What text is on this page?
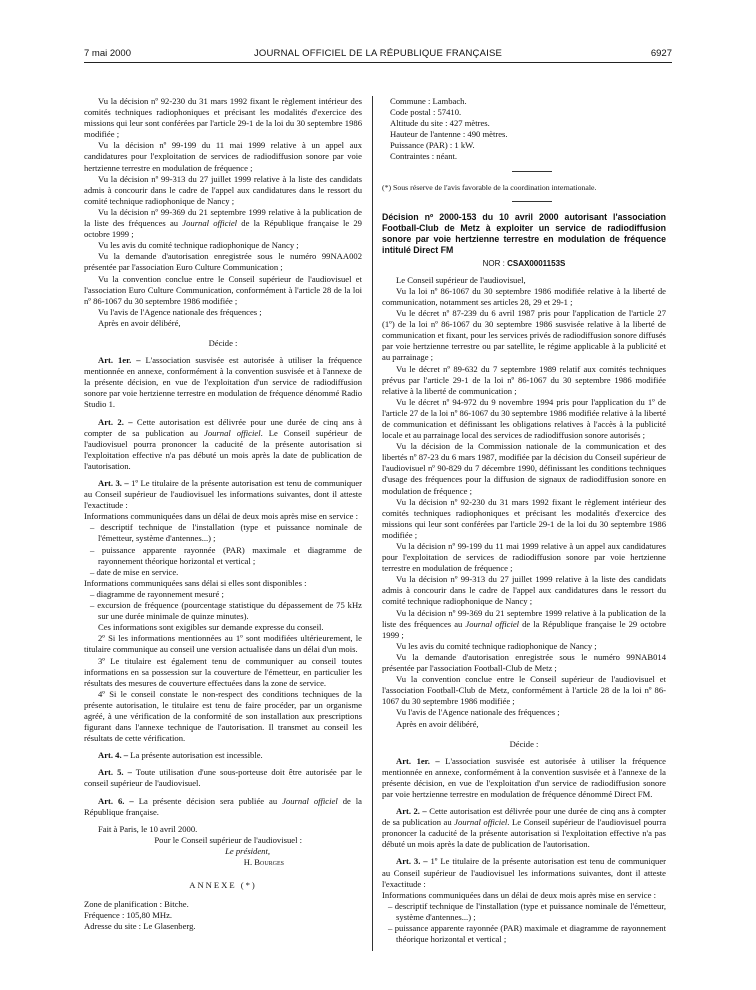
7 mai 2000	JOURNAL OFFICIEL DE LA RÉPUBLIQUE FRANÇAISE	6927

Vu la décision nº 92-230 du 31 mars 1992 fixant le règlement intérieur des comités techniques radiophoniques et précisant les modalités d'exercice des missions qui leur sont conférées par l'article 29-1 de la loi du 30 septembre 1986 modifiée ;

Vu la décision nº 99-199 du 11 mai 1999 relative à un appel aux candidatures pour l'exploitation de services de radiodiffusion sonore par voie hertzienne terrestre en modulation de fréquence ;

Vu la décision nº 99-313 du 27 juillet 1999 relative à la liste des candidats admis à concourir dans le cadre de l'appel aux candidatures dans le ressort du comité technique radiophonique de Nancy ;

Vu la décision nº 99-369 du 21 septembre 1999 relative à la publication de la liste des fréquences au Journal officiel de la République française le 29 octobre 1999 ;

Vu les avis du comité technique radiophonique de Nancy ;

Vu la demande d'autorisation enregistrée sous le numéro 99NAA002 présentée par l'association Euro Culture Communication ;

Vu la convention conclue entre le Conseil supérieur de l'audiovisuel et l'association Euro Culture Communication, conformément à l'article 28 de la loi nº 86-1067 du 30 septembre 1986 modifiée ;

Vu l'avis de l'Agence nationale des fréquences ;

Après en avoir délibéré,

Décide :

Art. 1er. – L'association susvisée est autorisée à utiliser la fréquence mentionnée en annexe, conformément à la convention susvisée et à l'annexe de la présente décision, en vue de l'exploitation d'un service de radiodiffusion sonore par voie hertzienne terrestre en modulation de fréquence dénommé Radio Studio 1.

Art. 2. – Cette autorisation est délivrée pour une durée de cinq ans à compter de sa publication au Journal officiel. Le Conseil supérieur de l'audiovisuel pourra prononcer la caducité de la présente autorisation si l'exploitation effective n'a pas débuté un mois après la date de publication de l'autorisation.

Art. 3. – 1º Le titulaire de la présente autorisation est tenu de communiquer au Conseil supérieur de l'audiovisuel les informations suivantes, dont il atteste l'exactitude :

Informations communiquées dans un délai de deux mois après mise en service :

– descriptif technique de l'installation (type et puissance nominale de l'émetteur, système d'antennes...) ;

– puissance apparente rayonnée (PAR) maximale et diagramme de rayonnement théorique horizontal et vertical ;

– date de mise en service.

Informations communiquées sans délai si elles sont disponibles :

– diagramme de rayonnement mesuré ;

– excursion de fréquence (pourcentage statistique du dépassement de 75 kHz sur une durée minimale de quinze minutes).

Ces informations sont exigibles sur demande expresse du conseil.

2º Si les informations mentionnées au 1º sont modifiées ultérieurement, le titulaire communique au conseil une version actualisée dans un délai d'un mois.

3º Le titulaire est également tenu de communiquer au conseil toutes informations en sa possession sur la couverture de l'émetteur, en particulier les résultats des mesures de couverture effectuées dans la zone de service.

4º Si le conseil constate le non-respect des conditions techniques de la présente autorisation, le titulaire est tenu de faire procéder, par un organisme agréé, à une vérification de la conformité de son installation aux prescriptions figurant dans l'annexe technique de l'autorisation. Il transmet au conseil les résultats de cette vérification.

Art. 4. – La présente autorisation est incessible.

Art. 5. – Toute utilisation d'une sous-porteuse doit être autorisée par le conseil supérieur de l'audiovisuel.

Art. 6. – La présente décision sera publiée au Journal officiel de la République française.

Fait à Paris, le 10 avril 2000.

Pour le Conseil supérieur de l'audiovisuel :

Le président,

H. Bourges

ANNEXE (*)

Zone de planification : Bitche.

Fréquence : 105,80 MHz.

Adresse du site : Le Glasenberg.

Commune : Lambach.

Code postal : 57410.

Altitude du site : 427 mètres.

Hauteur de l'antenne : 490 mètres.

Puissance (PAR) : 1 kW.

Contraintes : néant.

(*) Sous réserve de l'avis favorable de la coordination internationale.

Décision nº 2000-153 du 10 avril 2000 autorisant l'association Football-Club de Metz à exploiter un service de radiodiffusion sonore par voie hertzienne terrestre en modulation de fréquence intitulé Direct FM

NOR : CSAX0001153S

Le Conseil supérieur de l'audiovisuel,

Vu la loi nº 86-1067 du 30 septembre 1986 modifiée relative à la liberté de communication, notamment ses articles 28, 29 et 29-1 ;

Vu le décret nº 87-239 du 6 avril 1987 pris pour l'application de l'article 27 (1º) de la loi nº 86-1067 du 30 septembre 1986 susvisée relative à la liberté de communication et fixant, pour les services privés de radiodiffusion sonore diffusés par voie hertzienne terrestre ou par satellite, le régime applicable à la publicité et au parrainage ;

Vu le décret nº 89-632 du 7 septembre 1989 relatif aux comités techniques prévus par l'article 29-1 de la loi nº 86-1067 du 30 septembre 1986 modifiée relative à la liberté de communication ;

Vu le décret nº 94-972 du 9 novembre 1994 pris pour l'application du 1º de l'article 27 de la loi nº 86-1067 du 30 septembre 1986 modifiée relative à la liberté de communication et définissant les obligations relatives à l'accès à la publicité locale et au parrainage local des services de radiodiffusion sonore autorisés ;

Vu la décision de la Commission nationale de la communication et des libertés nº 87-23 du 6 mars 1987, modifiée par la décision du Conseil supérieur de l'audiovisuel nº 90-829 du 7 décembre 1990, définissant les conditions techniques d'usage des fréquences pour la diffusion de signaux de radiodiffusion sonore en modulation de fréquence ;

Vu la décision nº 92-230 du 31 mars 1992 fixant le règlement intérieur des comités techniques radiophoniques et précisant les modalités d'exercice des missions qui leur sont conférées par l'article 29-1 de la loi du 30 septembre 1986 modifiée ;

Vu la décision nº 99-199 du 11 mai 1999 relative à un appel aux candidatures pour l'exploitation de services de radiodiffusion sonore par voie hertzienne terrestre en modulation de fréquence ;

Vu la décision nº 99-313 du 27 juillet 1999 relative à la liste des candidats admis à concourir dans le cadre de l'appel aux candidatures dans le ressort du comité technique radiophonique de Nancy ;

Vu la décision nº 99-369 du 21 septembre 1999 relative à la publication de la liste des fréquences au Journal officiel de la République française le 29 octobre 1999 ;

Vu les avis du comité technique radiophonique de Nancy ;

Vu la demande d'autorisation enregistrée sous le numéro 99NAB014 présentée par l'association Football-Club de Metz ;

Vu la convention conclue entre le Conseil supérieur de l'audiovisuel et l'association Football-Club de Metz, conformément à l'article 28 de la loi nº 86-1067 du 30 septembre 1986 modifiée ;

Vu l'avis de l'Agence nationale des fréquences ;

Après en avoir délibéré,

Décide :

Art. 1er. – L'association susvisée est autorisée à utiliser la fréquence mentionnée en annexe, conformément à la convention susvisée et à l'annexe de la présente décision, en vue de l'exploitation d'un service de radiodiffusion sonore par voie hertzienne terrestre en modulation de fréquence dénommé Direct FM.

Art. 2. – Cette autorisation est délivrée pour une durée de cinq ans à compter de sa publication au Journal officiel. Le Conseil supérieur de l'audiovisuel pourra prononcer la caducité de la présente autorisation si l'exploitation effective n'a pas débuté un mois après la date de publication de l'autorisation.

Art. 3. – 1º Le titulaire de la présente autorisation est tenu de communiquer au Conseil supérieur de l'audiovisuel les informations suivantes, dont il atteste l'exactitude :

Informations communiquées dans un délai de deux mois après mise en service :

– descriptif technique de l'installation (type et puissance nominale de l'émetteur, système d'antennes...) ;

– puissance apparente rayonnée (PAR) maximale et diagramme de rayonnement théorique horizontal et vertical ;
